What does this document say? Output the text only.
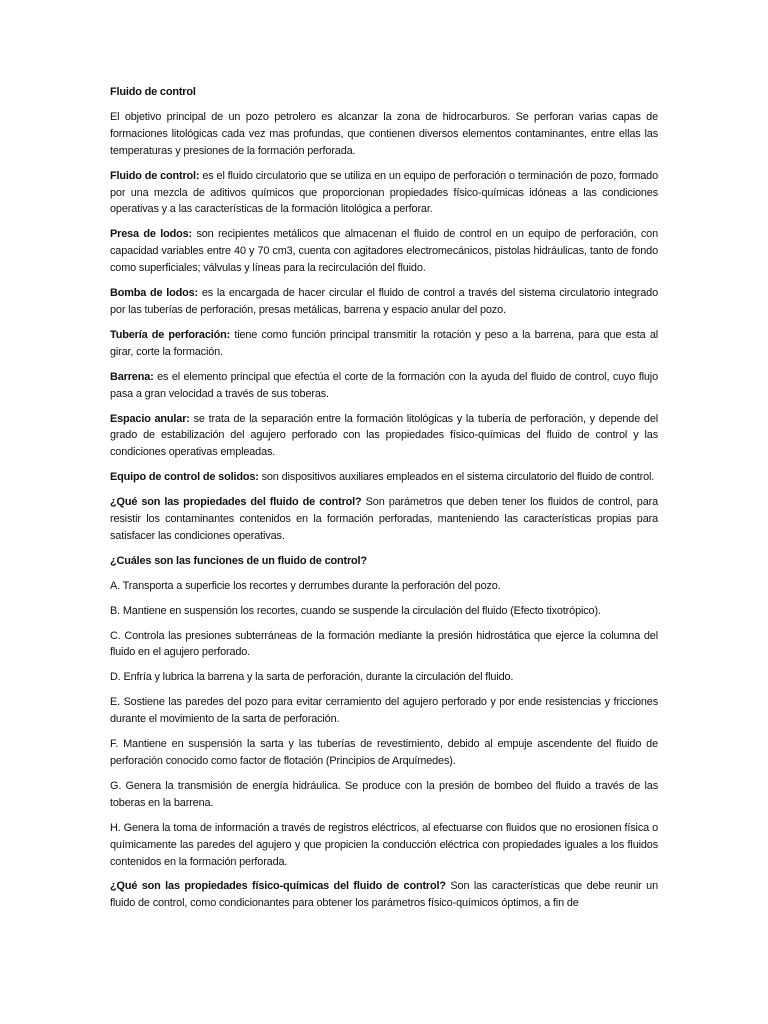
Fluido de control

El objetivo principal de un pozo petrolero es alcanzar la zona de hidrocarburos. Se perforan varias capas de formaciones litológicas cada vez mas profundas, que contienen diversos elementos contaminantes, entre ellas las temperaturas y presiones de la formación perforada.

Fluido de control: es el fluido circulatorio que se utiliza en un equipo de perforación o terminación de pozo, formado por una mezcla de aditivos químicos que proporcionan propiedades físico-químicas idóneas a las condiciones operativas y a las características de la formación litológica a perforar.

Presa de lodos: son recipientes metálicos que almacenan el fluido de control en un equipo de perforación, con capacidad variables entre 40 y 70 cm3, cuenta con agitadores electromecánicos, pistolas hidráulicas, tanto de fondo como superficiales; válvulas y líneas para la recirculación del fluido.

Bomba de lodos: es la encargada de hacer circular el fluido de control a través del sistema circulatorio integrado por las tuberías de perforación, presas metálicas, barrena y espacio anular del pozo.

Tubería de perforación: tiene como función principal transmitir la rotación y peso a la barrena, para que esta al girar, corte la formación.

Barrena: es el elemento principal que efectúa el corte de la formación con la ayuda del fluido de control, cuyo flujo pasa a gran velocidad a través de sus toberas.

Espacio anular: se trata de la separación entre la formación litológicas y la tubería de perforación, y depende del grado de estabilización del agujero perforado con las propiedades físico-químicas del fluido de control y las condiciones operativas empleadas.

Equipo de control de solidos: son dispositivos auxiliares empleados en el sistema circulatorio del fluido de control.

¿Qué son las propiedades del fluido de control? Son parámetros que deben tener los fluidos de control, para resistir los contaminantes contenidos en la formación perforadas, manteniendo las características propias para satisfacer las condiciones operativas.

¿Cuáles son las funciones de un fluido de control?

A. Transporta a superficie los recortes y derrumbes durante la perforación del pozo.

B. Mantiene en suspensión los recortes, cuando se suspende la circulación del fluido (Efecto tixotrópico).

C. Controla las presiones subterráneas de la formación mediante la presión hidrostática que ejerce la columna del fluido en el agujero perforado.

D. Enfría y lubrica la barrena y la sarta de perforación, durante la circulación del fluido.

E. Sostiene las paredes del pozo para evitar cerramiento del agujero perforado y por ende resistencias y fricciones durante el movimiento de la sarta de perforación.

F. Mantiene en suspensión la sarta y las tuberías de revestimiento, debido al empuje ascendente del fluido de perforación conocido como factor de flotación (Principios de Arquímedes).

G. Genera la transmisión de energía hidráulica. Se produce con la presión de bombeo del fluido a través de las toberas en la barrena.

H. Genera la toma de información a través de registros eléctricos, al efectuarse con fluidos que no erosionen física o químicamente las paredes del agujero y que propicien la conducción eléctrica con propiedades iguales a los fluidos contenidos en la formación perforada.

¿Qué son las propiedades físico-químicas del fluido de control? Son las características que debe reunir un fluido de control, como condicionantes para obtener los parámetros físico-químicos óptimos, a fin de
